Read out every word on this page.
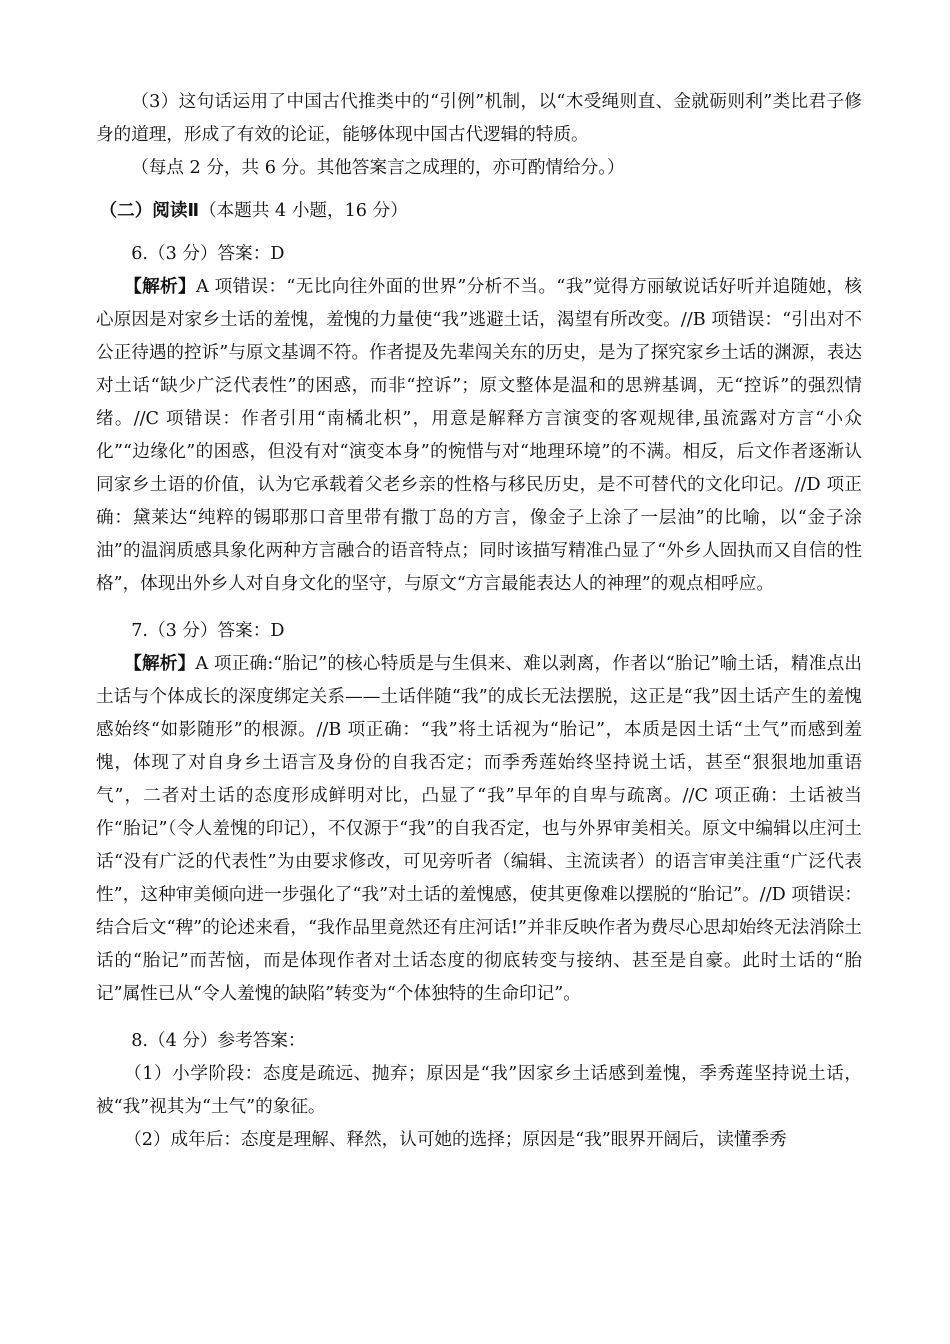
（3）这句话运用了中国古代推类中的“引例”机制，以“木受绳则直、金就砺则利”类比君子修身的道理，形成了有效的论证，能够体现中国古代逻辑的特质。

（每点 2 分，共 6 分。其他答案言之成理的，亦可酌情给分。）

（二）阅读Ⅱ（本题共 4 小题，16 分）

6.（3 分）答案：D

【解析】A 项错误：“无比向往外面的世界”分析不当。“我”觉得方丽敏说话好听并追随她，核心原因是对家乡土话的羞愧，羞愧的力量使“我”逃避土话，渴望有所改变。//B 项错误：“引出对不公正待遇的控诉”与原文基调不符。作者提及先辈闯关东的历史，是为了探究家乡土话的渊源，表达对土话“缺少广泛代表性”的困惑，而非“控诉”；原文整体是温和的思辨基调，无“控诉”的强烈情绪。//C 项错误：作者引用“南橘北枳”，用意是解释方言演变的客观规律,虽流露对方言“小众化”“边缘化”的困惑，但没有对“演变本身”的惋惜与对“地理环境”的不满。相反，后文作者逐渐认同家乡土语的价值，认为它承载着父老乡亲的性格与移民历史，是不可替代的文化印记。//D 项正确：黛莱达“纯粹的锡耶那口音里带有撒丁岛的方言，像金子上涂了一层油”的比喻，以“金子涂油”的温润质感具象化两种方言融合的语音特点；同时该描写精准凸显了“外乡人固执而又自信的性格”，体现出外乡人对自身文化的坚守，与原文“方言最能表达人的神理”的观点相呼应。

7.（3 分）答案：D

【解析】A 项正确:“胎记”的核心特质是与生俱来、难以剥离，作者以“胎记”喻土话，精准点出土话与个体成长的深度绑定关系——土话伴随“我”的成长无法摆脱，这正是“我”因土话产生的羞愧感始终“如影随形”的根源。//B 项正确：“我”将土话视为“胎记”，本质是因土话“土气”而感到羞愧，体现了对自身乡土语言及身份的自我否定；而季秀莲始终坚持说土话，甚至“狠狠地加重语气”，二者对土话的态度形成鲜明对比，凸显了“我”早年的自卑与疏离。//C 项正确：土话被当作“胎记”（令人羞愧的印记），不仅源于“我”的自我否定，也与外界审美相关。原文中编辑以庄河土话“没有广泛的代表性”为由要求修改，可见旁听者（编辑、主流读者）的语言审美注重“广泛代表性”，这种审美倾向进一步强化了“我”对土话的羞愧感，使其更像难以摆脱的“胎记”。//D 项错误：结合后文“稗”的论述来看，“我作品里竟然还有庄河话!”并非反映作者为费尽心思却始终无法消除土话的“胎记”而苦恼，而是体现作者对土话态度的彻底转变与接纳、甚至是自豪。此时土话的“胎记”属性已从“令人羞愧的缺陷”转变为“个体独特的生命印记”。

8.（4 分）参考答案：

（1）小学阶段：态度是疏远、抛弃；原因是“我”因家乡土话感到羞愧，季秀莲坚持说土话，被“我”视其为“土气”的象征。

（2）成年后：态度是理解、释然，认可她的选择；原因是“我”眼界开阔后，读懂季秀
